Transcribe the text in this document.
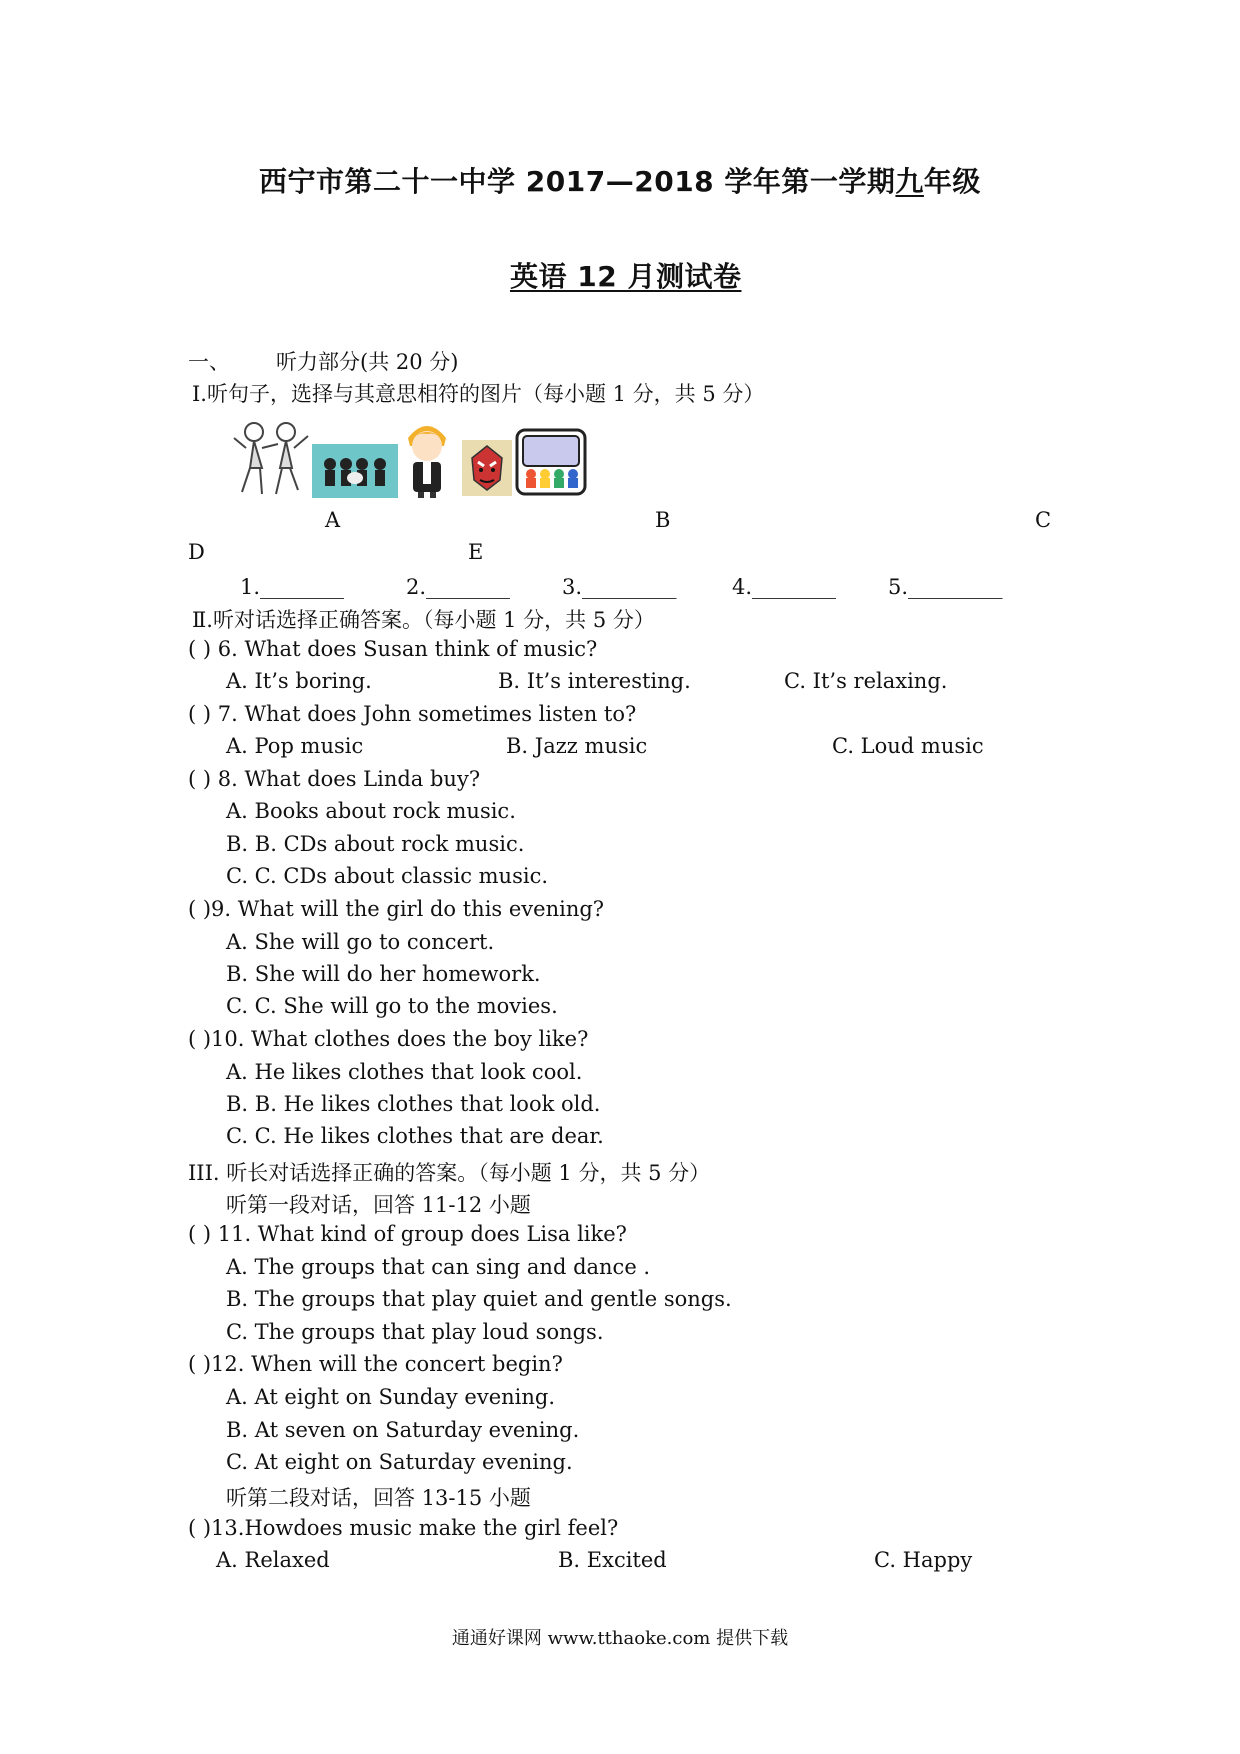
西宁市第二十一中学 2017—2018 学年第一学期九年级
英语 12 月测试卷
一、 听力部分(共 20 分)
Ⅰ.听句子，选择与其意思相符的图片（每小题 1 分，共 5 分）
A	B	C
D	E
1.________	2.________ 3._________	4.________ 5._________
Ⅱ.听对话选择正确答案。（每小题 1 分，共 5 分）
( ) 6. What does Susan think of music?
A. It’s boring.	B. It’s interesting.	C. It’s relaxing.
( ) 7. What does John sometimes listen to?
A. Pop music	B. Jazz music	C. Loud music
( ) 8. What does Linda buy?
A. Books about rock music.
B. B. CDs about rock music.
C. C. CDs about classic music.
( )9. What will the girl do this evening?
A. She will go to concert.
B. She will do her homework.
C. C. She will go to the movies.
( )10. What clothes does the boy like?
A. He likes clothes that look cool.
B. B. He likes clothes that look old.
C. C. He likes clothes that are dear.
III. 听长对话选择正确的答案。（每小题 1 分，共 5 分）
听第一段对话，回答 11-12 小题
( ) 11. What kind of group does Lisa like?
A. The groups that can sing and dance .
B. The groups that play quiet and gentle songs.
C. The groups that play loud songs.
( )12. When will the concert begin?
A. At eight on Sunday evening.
B. At seven on Saturday evening.
C. At eight on Saturday evening.
听第二段对话，回答 13-15 小题
( )13.Howdoes music make the girl feel?
A. Relaxed	B. Excited	C. Happy
通通好课网 www.tthaoke.com 提供下载
